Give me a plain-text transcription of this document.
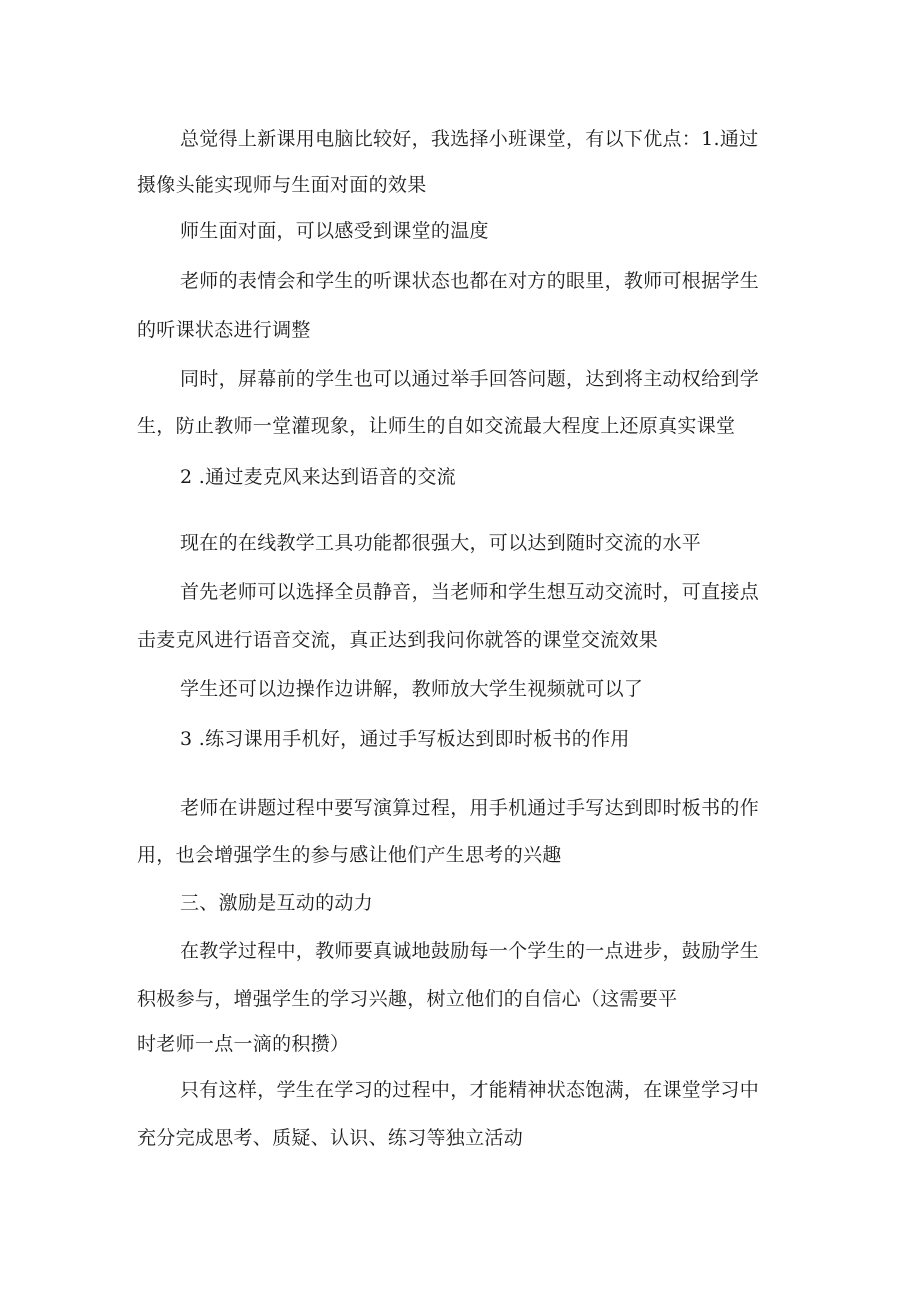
总觉得上新课用电脑比较好，我选择小班课堂，有以下优点：1.通过
摄像头能实现师与生面对面的效果
师生面对面，可以感受到课堂的温度
老师的表情会和学生的听课状态也都在对方的眼里，教师可根据学生
的听课状态进行调整
同时，屏幕前的学生也可以通过举手回答问题，达到将主动权给到学
生，防止教师一堂灌现象，让师生的自如交流最大程度上还原真实课堂
2 .通过麦克风来达到语音的交流
现在的在线教学工具功能都很强大，可以达到随时交流的水平
首先老师可以选择全员静音，当老师和学生想互动交流时，可直接点
击麦克风进行语音交流，真正达到我问你就答的课堂交流效果
学生还可以边操作边讲解，教师放大学生视频就可以了
3 .练习课用手机好，通过手写板达到即时板书的作用
老师在讲题过程中要写演算过程，用手机通过手写达到即时板书的作
用，也会增强学生的参与感让他们产生思考的兴趣
三、激励是互动的动力
在教学过程中，教师要真诚地鼓励每一个学生的一点进步，鼓励学生
积极参与，增强学生的学习兴趣，树立他们的自信心（这需要平
时老师一点一滴的积攒）
只有这样，学生在学习的过程中，才能精神状态饱满，在课堂学习中
充分完成思考、质疑、认识、练习等独立活动
